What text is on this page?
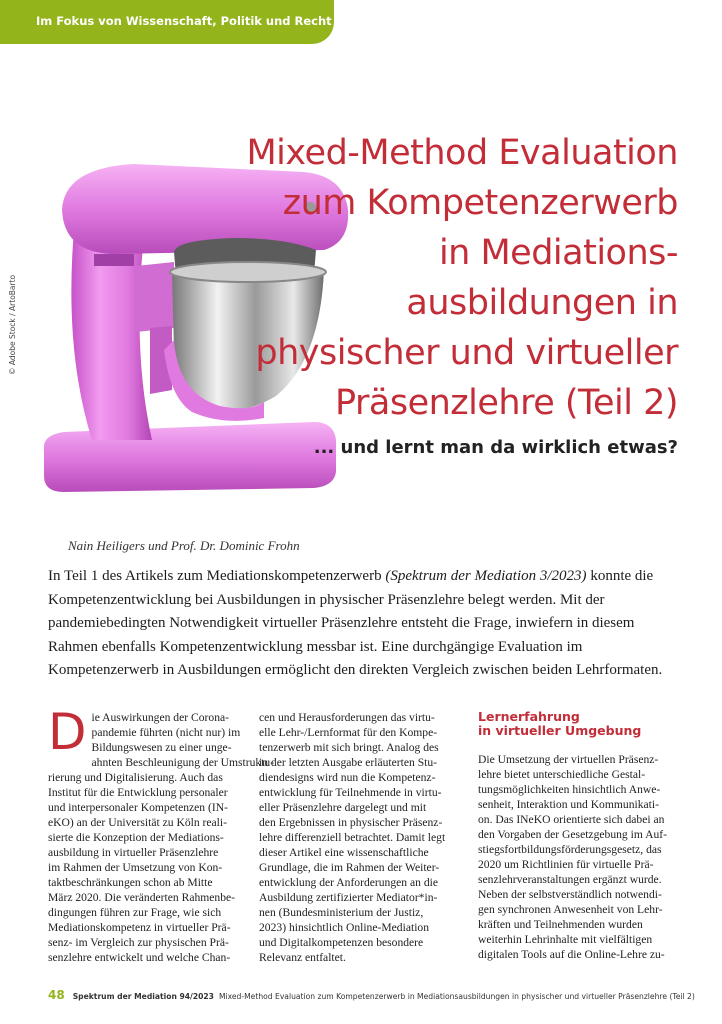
Im Fokus von Wissenschaft, Politik und Recht
© Adobe Stock / ArtoBarto
Mixed-Method Evaluation
zum Kompetenzerwerb
in Mediations-
ausbildungen in
physischer und virtueller
Präsenzlehre (Teil 2)
... und lernt man da wirklich etwas?
Nain Heiligers und Prof. Dr. Dominic Frohn
In Teil 1 des Artikels zum Mediationskompetenzerwerb (Spektrum der Mediation 3/2023) konnte die Kompetenzentwicklung bei Ausbildungen in physischer Präsenzlehre belegt werden. Mit der pandemiebedingten Notwendigkeit virtueller Präsenzlehre entsteht die Frage, inwiefern in diesem Rahmen ebenfalls Kompetenzentwicklung messbar ist. Eine durchgängige Evaluation im Kompetenzerwerb in Ausbildungen ermöglicht den direkten Vergleich zwischen beiden Lehrformaten.
D ie Auswirkungen der Corona-
pandemie führten (nicht nur) im
Bildungswesen zu einer unge-
ahnten Beschleunigung der Umstruktu-
rierung und Digitalisierung. Auch das
Institut für die Entwicklung personaler
und interpersonaler Kompetenzen (IN-
eKO) an der Universität zu Köln reali-
sierte die Konzeption der Mediations-
ausbildung in virtueller Präsenzlehre
im Rahmen der Umsetzung von Kon-
taktbeschränkungen schon ab Mitte
März 2020. Die veränderten Rahmenbe-
dingungen führen zur Frage, wie sich
Mediationskompetenz in virtueller Prä-
senz- im Vergleich zur physischen Prä-
senzlehre entwickelt und welche Chan-
cen und Herausforderungen das virtu-
elle Lehr-/Lernformat für den Kompe-
tenzerwerb mit sich bringt. Analog des
in der letzten Ausgabe erläuterten Stu-
diendesigns wird nun die Kompetenz-
entwicklung für Teilnehmende in virtu-
eller Präsenzlehre dargelegt und mit
den Ergebnissen in physischer Präsenz-
lehre differenziell betrachtet. Damit legt
dieser Artikel eine wissenschaftliche
Grundlage, die im Rahmen der Weiter-
entwicklung der Anforderungen an die
Ausbildung zertifizierter Mediator*in-
nen (Bundesministerium der Justiz,
2023) hinsichtlich Online-Mediation
und Digitalkompetenzen besondere
Relevanz entfaltet.
Lernerfahrung
in virtueller Umgebung
Die Umsetzung der virtuellen Präsenz-
lehre bietet unterschiedliche Gestal-
tungsmöglichkeiten hinsichtlich Anwe-
senheit, Interaktion und Kommunikati-
on. Das INeKO orientierte sich dabei an
den Vorgaben der Gesetzgebung im Auf-
stiegsfortbildungsförderungsgesetz, das
2020 um Richtlinien für virtuelle Prä-
senzlehrveranstaltungen ergänzt wurde.
Neben der selbstverständlich notwendi-
gen synchronen Anwesenheit von Lehr-
kräften und Teilnehmenden wurden
weiterhin Lehrinhalte mit vielfältigen
digitalen Tools auf die Online-Lehre zu-
48 Spektrum der Mediation 94/2023 Mixed-Method Evaluation zum Kompetenzerwerb in Mediationsausbildungen in physischer und virtueller Präsenzlehre (Teil 2)
